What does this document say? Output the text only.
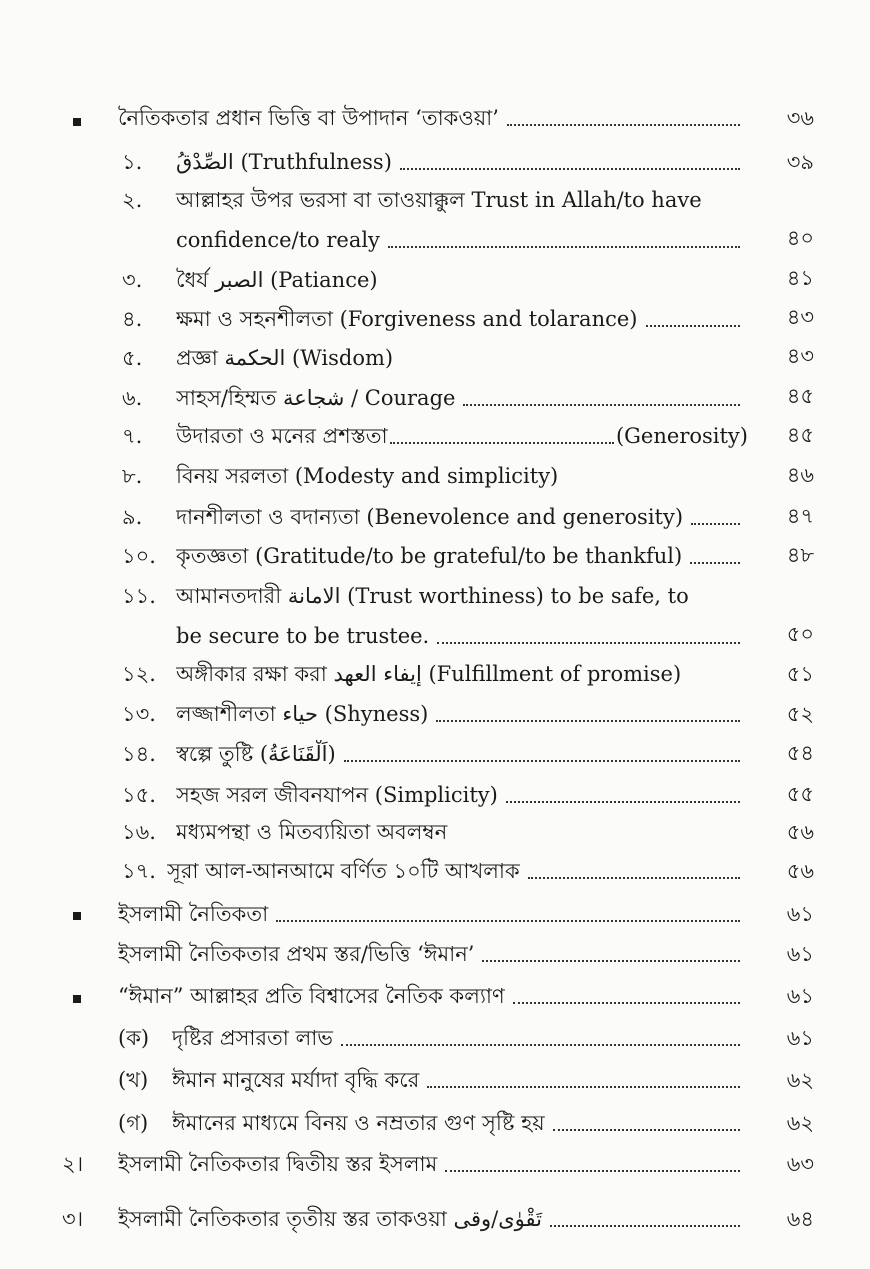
নৈতিকতার প্রধান ভিত্তি বা উপাদান ‘তাকওয়া’	৩৬
১.	الصِّدْقُ (Truthfulness)	৩৯
২.	আল্লাহর উপর ভরসা বা তাওয়াক্কুল Trust in Allah/to have
confidence/to realy	৪০
৩.	ধৈর্য الصبر (Patiance)	৪১
৪.	ক্ষমা ও সহনশীলতা (Forgiveness and tolarance)	৪৩
৫.	প্রজ্ঞা الحكمة (Wisdom)	৪৩
৬.	সাহস/হিম্মত شجاعة / Courage	৪৫
৭.	উদারতা ও মনের প্রশস্ততা	(Generosity) ৪৫
৮.	বিনয় সরলতা (Modesty and simplicity)	৪৬
৯.	দানশীলতা ও বদান্যতা (Benevolence and generosity)	৪৭
১০. কৃতজ্ঞতা (Gratitude/to be grateful/to be thankful)	৪৮
১১. আমানতদারী الامانة (Trust worthiness) to be safe, to
be secure to be trustee.	৫০
১২. অঙ্গীকার রক্ষা করা إيفاء العهد (Fulfillment of promise)	৫১
১৩. লজ্জাশীলতা حياء (Shyness)	৫২
১৪. স্বল্পে তুষ্টি (اَلْقَنَاعَةُ)	৫৪
১৫. সহজ সরল জীবনযাপন (Simplicity)	৫৫
১৬. মধ্যমপন্থা ও মিতব্যয়িতা অবলম্বন	৫৬
১৭. সূরা আল-আনআমে বর্ণিত ১০টি আখলাক	৫৬
ইসলামী নৈতিকতা	৬১
ইসলামী নৈতিকতার প্রথম স্তর/ভিত্তি ‘ঈমান’	৬১
“ঈমান” আল্লাহর প্রতি বিশ্বাসের নৈতিক কল্যাণ	৬১
(ক)	দৃষ্টির প্রসারতা লাভ	৬১
(খ)	ঈমান মানুষের মর্যাদা বৃদ্ধি করে	৬২
(গ)	ঈমানের মাধ্যমে বিনয় ও নম্রতার গুণ সৃষ্টি হয়	৬২
২।	ইসলামী নৈতিকতার দ্বিতীয় স্তর ইসলাম	৬৩
৩।	ইসলামী নৈতিকতার তৃতীয় স্তর তাকওয়া تَقْوٰى/وقى	৬৪
